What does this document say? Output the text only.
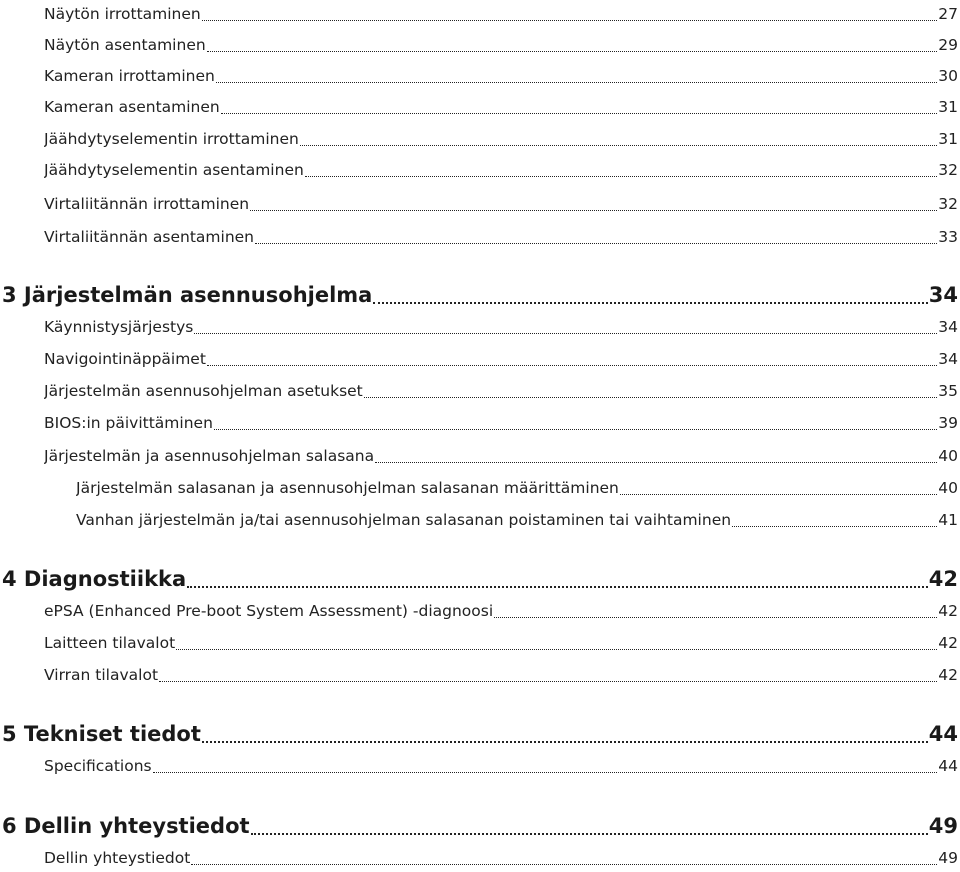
Näytön irrottaminen	27
Näytön asentaminen	29
Kameran irrottaminen	30
Kameran asentaminen	31
Jäähdytyselementin irrottaminen	31
Jäähdytyselementin asentaminen	32
Virtaliitännän irrottaminen	32
Virtaliitännän asentaminen	33
3 Järjestelmän asennusohjelma	34
Käynnistysjärjestys	34
Navigointinäppäimet	34
Järjestelmän asennusohjelman asetukset	35
BIOS:in päivittäminen	39
Järjestelmän ja asennusohjelman salasana	40
Järjestelmän salasanan ja asennusohjelman salasanan määrittäminen	40
Vanhan järjestelmän ja/tai asennusohjelman salasanan poistaminen tai vaihtaminen	41
4 Diagnostiikka	42
ePSA (Enhanced Pre-boot System Assessment) -diagnoosi	42
Laitteen tilavalot	42
Virran tilavalot	42
5 Tekniset tiedot	44
Specifications	44
6 Dellin yhteystiedot	49
Dellin yhteystiedot	49
